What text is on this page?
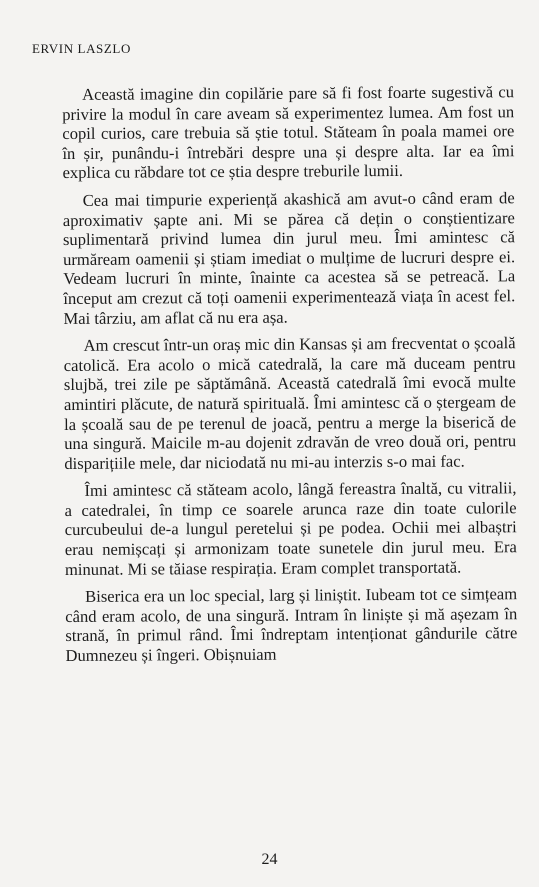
ERVIN LASZLO

Această imagine din copilărie pare să fi fost foarte sugestivă cu privire la modul în care aveam să experimentez lumea. Am fost un copil curios, care trebuia să știe totul. Stăteam în poala mamei ore în șir, punându-i întrebări despre una și despre alta. Iar ea îmi explica cu răbdare tot ce știa despre treburile lumii.

Cea mai timpurie experiență akashică am avut-o când eram de aproximativ șapte ani. Mi se părea că dețin o conștientizare suplimentară privind lumea din jurul meu. Îmi amintesc că urmăream oamenii și știam imediat o mulțime de lucruri despre ei. Vedeam lucruri în minte, înainte ca acestea să se petreacă. La început am crezut că toți oamenii experimentează viața în acest fel. Mai târziu, am aflat că nu era așa.

Am crescut într-un oraș mic din Kansas și am frecventat o școală catolică. Era acolo o mică catedrală, la care mă duceam pentru slujbă, trei zile pe săptămână. Această catedrală îmi evocă multe amintiri plăcute, de natură spirituală. Îmi amintesc că o ștergeam de la școală sau de pe terenul de joacă, pentru a merge la biserică de una singură. Maicile m-au dojenit zdravăn de vreo două ori, pentru disparițiile mele, dar niciodată nu mi-au interzis s-o mai fac.

Îmi amintesc că stăteam acolo, lângă fereastra înaltă, cu vitralii, a catedralei, în timp ce soarele arunca raze din toate culorile curcubeului de-a lungul peretelui și pe podea. Ochii mei albaștri erau nemișcați și armonizam toate sunetele din jurul meu. Era minunat. Mi se tăiase respirația. Eram complet transportată.

Biserica era un loc special, larg și liniștit. Iubeam tot ce simțeam când eram acolo, de una singură. Intram în liniște și mă așezam în strană, în primul rând. Îmi îndreptam intenționat gândurile către Dumnezeu și îngeri. Obișnuiam

24
